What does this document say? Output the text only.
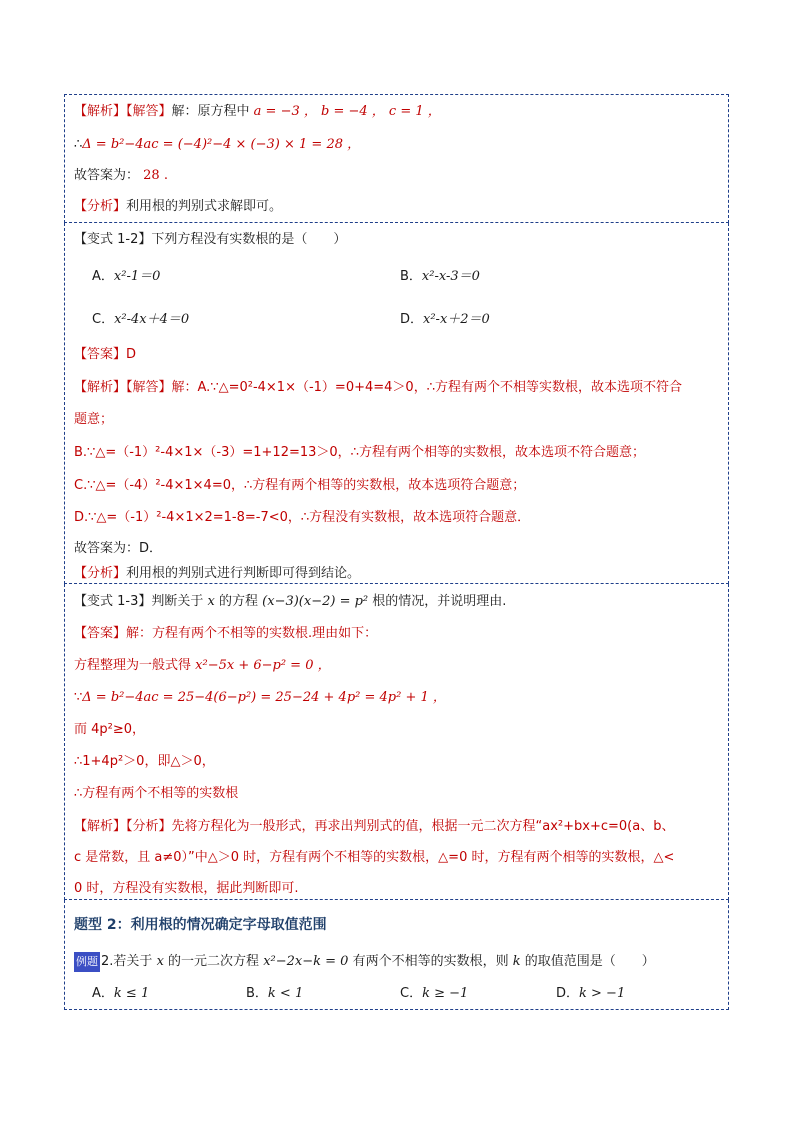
【解析】【解答】解：原方程中 a = −3 ， b = −4 ， c = 1 ，
∴Δ = b²−4ac = (−4)²−4 × (−3) × 1 = 28 ，
故答案为： 28 .
【分析】利用根的判别式求解即可。
【变式 1-2】下列方程没有实数根的是（　　）
A．x²-1＝0	B．x²-x-3＝0
C．x²-4x＋4＝0	D．x²-x＋2＝0
【答案】D
【解析】【解答】解：A.∵△=0²-4×1×（-1）=0+4=4＞0，∴方程有两个不相等实数根，故本选项不符合
题意；
B.∵△=（-1）²-4×1×（-3）=1+12=13＞0，∴方程有两个相等的实数根，故本选项不符合题意；
C.∵△=（-4）²-4×1×4=0，∴方程有两个相等的实数根，故本选项符合题意；
D.∵△=（-1）²-4×1×2=1-8=-7<0，∴方程没有实数根，故本选项符合题意．
故答案为：D．
【分析】利用根的判别式进行判断即可得到结论。
【变式 1-3】判断关于 x 的方程 (x−3)(x−2) = p² 根的情况，并说明理由.
【答案】解：方程有两个不相等的实数根.理由如下：
方程整理为一般式得 x²−5x + 6−p² = 0 ，
∵Δ = b²−4ac = 25−4(6−p²) = 25−24 + 4p² = 4p² + 1 ，
而 4p²≥0，
∴1+4p²＞0，即△＞0，
∴方程有两个不相等的实数根
【解析】【分析】先将方程化为一般形式，再求出判别式的值，根据一元二次方程“ax²+bx+c=0(a、b、
c 是常数，且 a≠0）”中△＞0 时，方程有两个不相等的实数根，△=0 时，方程有两个相等的实数根，△<
0 时，方程没有实数根，据此判断即可.
题型 2：利用根的情况确定字母取值范围
例题 2.若关于 x 的一元二次方程 x²−2x−k = 0 有两个不相等的实数根，则 k 的取值范围是（　　）
A．k ≤ 1	B．k < 1	C．k ≥ −1	D．k > −1
